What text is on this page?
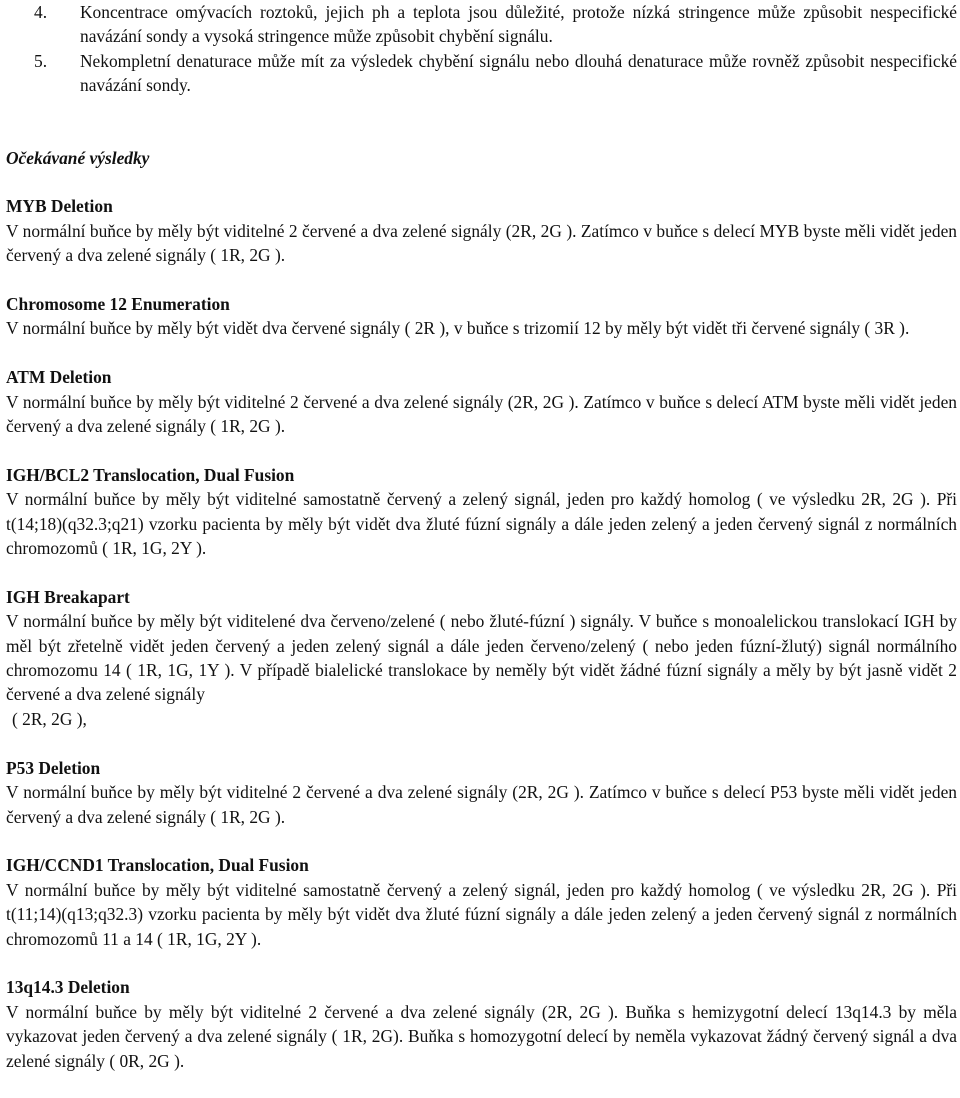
4. Koncentrace omývacích roztoků, jejich ph a teplota jsou důležité, protože nízká stringence může způsobit nespecifické navázání sondy a vysoká stringence může způsobit chybění signálu.
5. Nekompletní denaturace může mít za výsledek chybění signálu nebo dlouhá denaturace může rovněž způsobit nespecifické navázání sondy.
Očekávané výsledky
MYB Deletion
V normální buňce by měly být viditelné 2 červené a dva zelené signály (2R, 2G ). Zatímco v buňce s delecí MYB byste měli vidět jeden červený a dva zelené signály ( 1R, 2G ).
Chromosome 12 Enumeration
V normální buňce by měly být vidět dva červené signály ( 2R ), v buňce s trizomií 12 by měly být vidět tři červené signály ( 3R ).
ATM Deletion
V normální buňce by měly být viditelné 2 červené a dva zelené signály (2R, 2G ). Zatímco v buňce s delecí ATM byste měli vidět jeden červený a dva zelené signály ( 1R, 2G ).
IGH/BCL2 Translocation, Dual Fusion
V normální buňce by měly být viditelné samostatně červený a zelený signál, jeden pro každý homolog ( ve výsledku 2R, 2G ). Při t(14;18)(q32.3;q21) vzorku pacienta by měly být vidět dva žluté fúzní signály a dále jeden zelený a jeden červený signál z normálních chromozomů ( 1R, 1G, 2Y ).
IGH Breakapart
V normální buňce by měly být viditelené dva červeno/zelené ( nebo žluté-fúzní ) signály. V buňce s monoalelickou translokací IGH by měl být zřetelně vidět jeden červený a jeden zelený signál a dále jeden červeno/zelený ( nebo jeden fúzní-žlutý) signál normálního chromozomu 14 ( 1R, 1G, 1Y ). V případě bialelické translokace by neměly být vidět žádné fúzní signály a měly by být jasně vidět 2 červené a dva zelené signály
( 2R, 2G ),
P53 Deletion
V normální buňce by měly být viditelné 2 červené a dva zelené signály (2R, 2G ). Zatímco v buňce s delecí P53 byste měli vidět jeden červený a dva zelené signály ( 1R, 2G ).
IGH/CCND1 Translocation, Dual Fusion
V normální buňce by měly být viditelné samostatně červený a zelený signál, jeden pro každý homolog ( ve výsledku 2R, 2G ). Při t(11;14)(q13;q32.3) vzorku pacienta by měly být vidět dva žluté fúzní signály a dále jeden zelený a jeden červený signál z normálních chromozomů 11 a 14 ( 1R, 1G, 2Y ).
13q14.3 Deletion
V normální buňce by měly být viditelné 2 červené a dva zelené signály (2R, 2G ). Buňka s hemizygotní delecí 13q14.3 by měla vykazovat jeden červený a dva zelené signály ( 1R, 2G). Buňka s homozygotní delecí by neměla vykazovat žádný červený signál a dva zelené signály ( 0R, 2G ).
